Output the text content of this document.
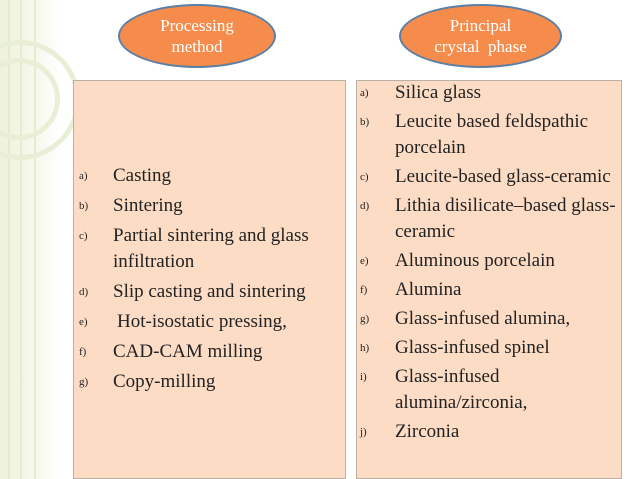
Processing
method
Principal
crystal  phase
a)	Casting
b)	Sintering
c)	Partial sintering and glass infiltration
d)	Slip casting and sintering
e)	Hot-isostatic pressing,
f)	CAD-CAM milling
g)	Copy-milling
a)	Silica glass
b)	Leucite based feldspathic porcelain
c)	Leucite-based glass-ceramic
d)	Lithia disilicate–based glass-ceramic
e)	Aluminous porcelain
f)	Alumina
g)	Glass-infused alumina,
h)	Glass-infused spinel
i)	Glass-infused alumina/zirconia,
j)	Zirconia
